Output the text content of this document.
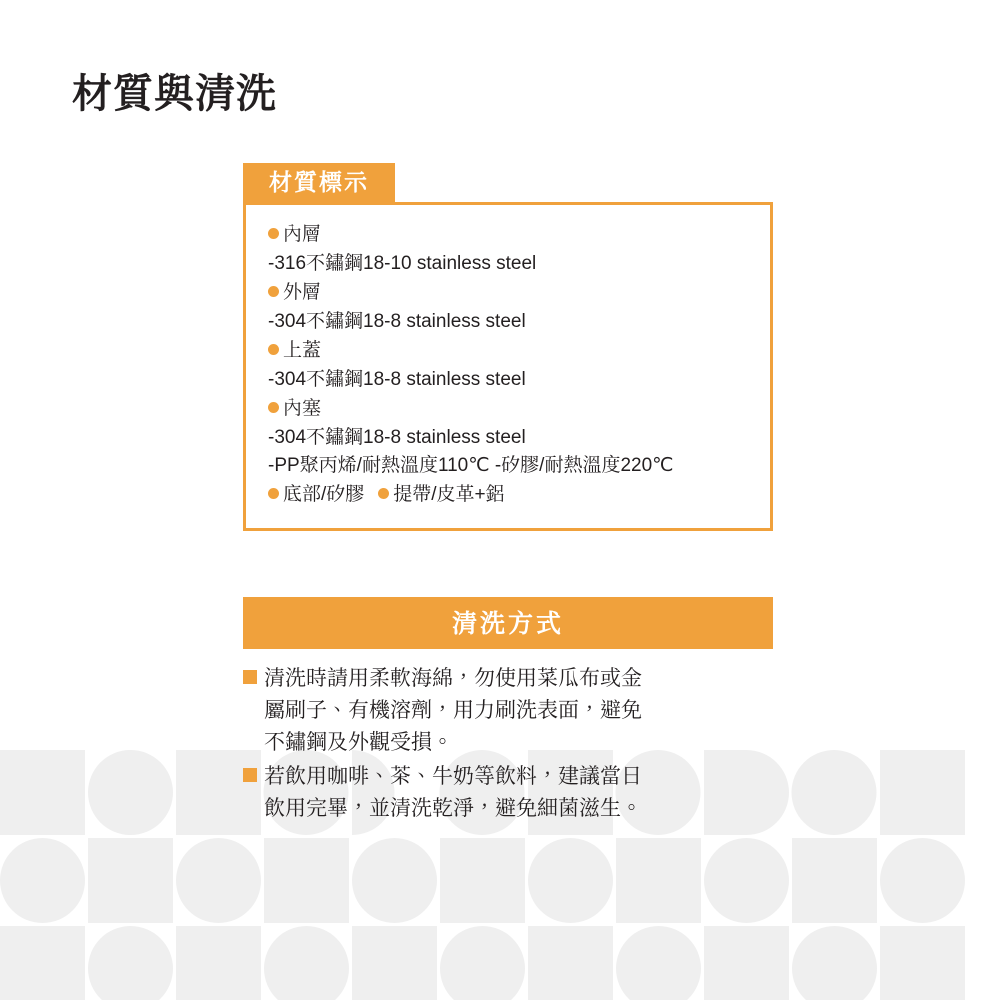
材質與清洗
材質標示
內層
-316不鏽鋼18-10 stainless steel
外層
-304不鏽鋼18-8 stainless steel
上蓋
-304不鏽鋼18-8 stainless steel
內塞
-304不鏽鋼18-8 stainless steel
-PP聚丙烯/耐熱溫度110℃ -矽膠/耐熱溫度220℃
底部/矽膠 提帶/皮革+鋁
清洗方式
清洗時請用柔軟海綿，勿使用菜瓜布或金
屬刷子、有機溶劑，用力刷洗表面，避免
不鏽鋼及外觀受損。
若飲用咖啡、茶、牛奶等飲料，建議當日
飲用完畢，並清洗乾淨，避免細菌滋生。
